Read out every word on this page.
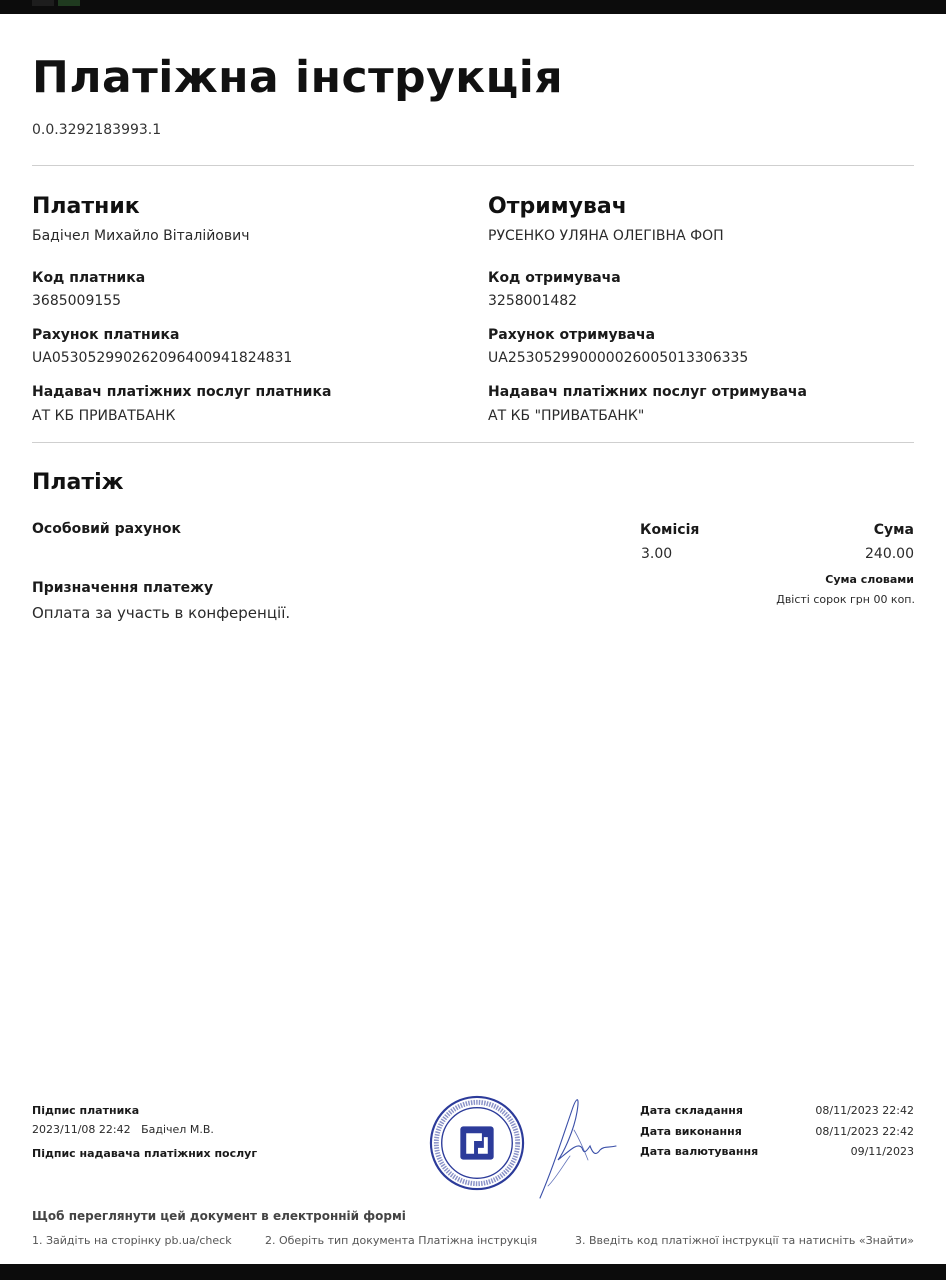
Платіжна інструкція
0.0.3292183993.1
Платник
Бадічел Михайло Віталійович
Код платника
3685009155
Рахунок платника
UA053052990262096400941824831
Надавач платіжних послуг платника
АТ КБ ПРИВАТБАНК
Отримувач
РУСЕНКО УЛЯНА ОЛЕГІВНА ФОП
Код отримувача
3258001482
Рахунок отримувача
UA253052990000026005013306335
Надавач платіжних послуг отримувача
АТ КБ "ПРИВАТБАНК"
Платіж
Особовий рахунок
Призначення платежу
Оплата за участь в конференції.
Комісія
3.00
Сума
240.00
Сума словами
Двісті сорок грн 00 коп.
Підпис платника
2023/11/08 22:42   Бадічел М.В.
Підпис надавача платіжних послуг
Дата складання	08/11/2023 22:42
Дата виконання	08/11/2023 22:42
Дата валютування	09/11/2023
Щоб переглянути цей документ в електронній формі
1. Зайдіть на сторінку pb.ua/check	2. Оберіть тип документа Платіжна інструкція	3. Введіть код платіжної інструкції та натисніть «Знайти»
